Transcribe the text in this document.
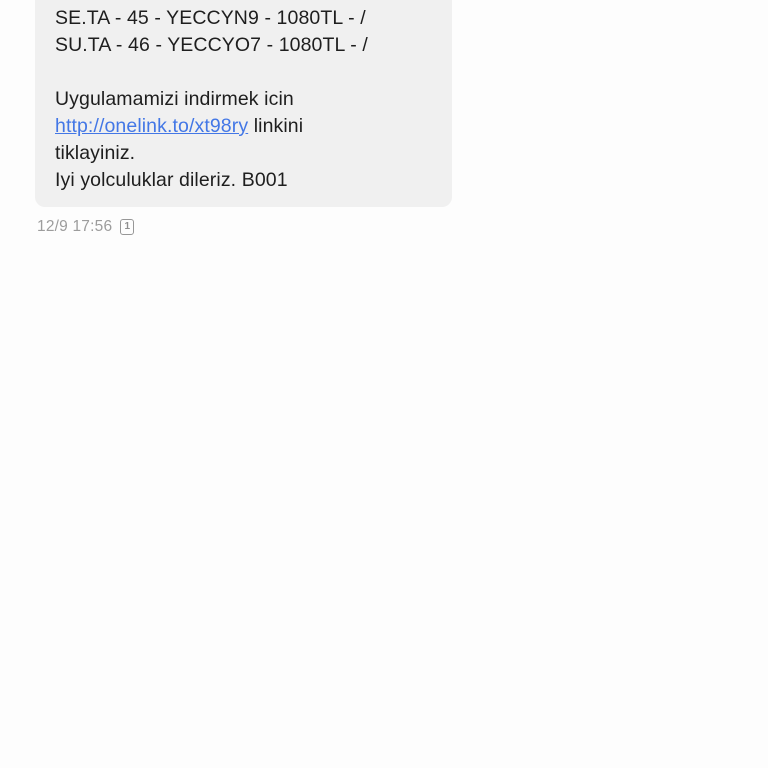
SE.TA - 45 - YECCYN9 - 1080TL - /
SU.TA - 46 - YECCYO7 - 1080TL - /

Uygulamamizi indirmek icin
http://onelink.to/xt98ry linkini
tiklayiniz.
Iyi yolculuklar dileriz. B001
12/9 17:56 1
